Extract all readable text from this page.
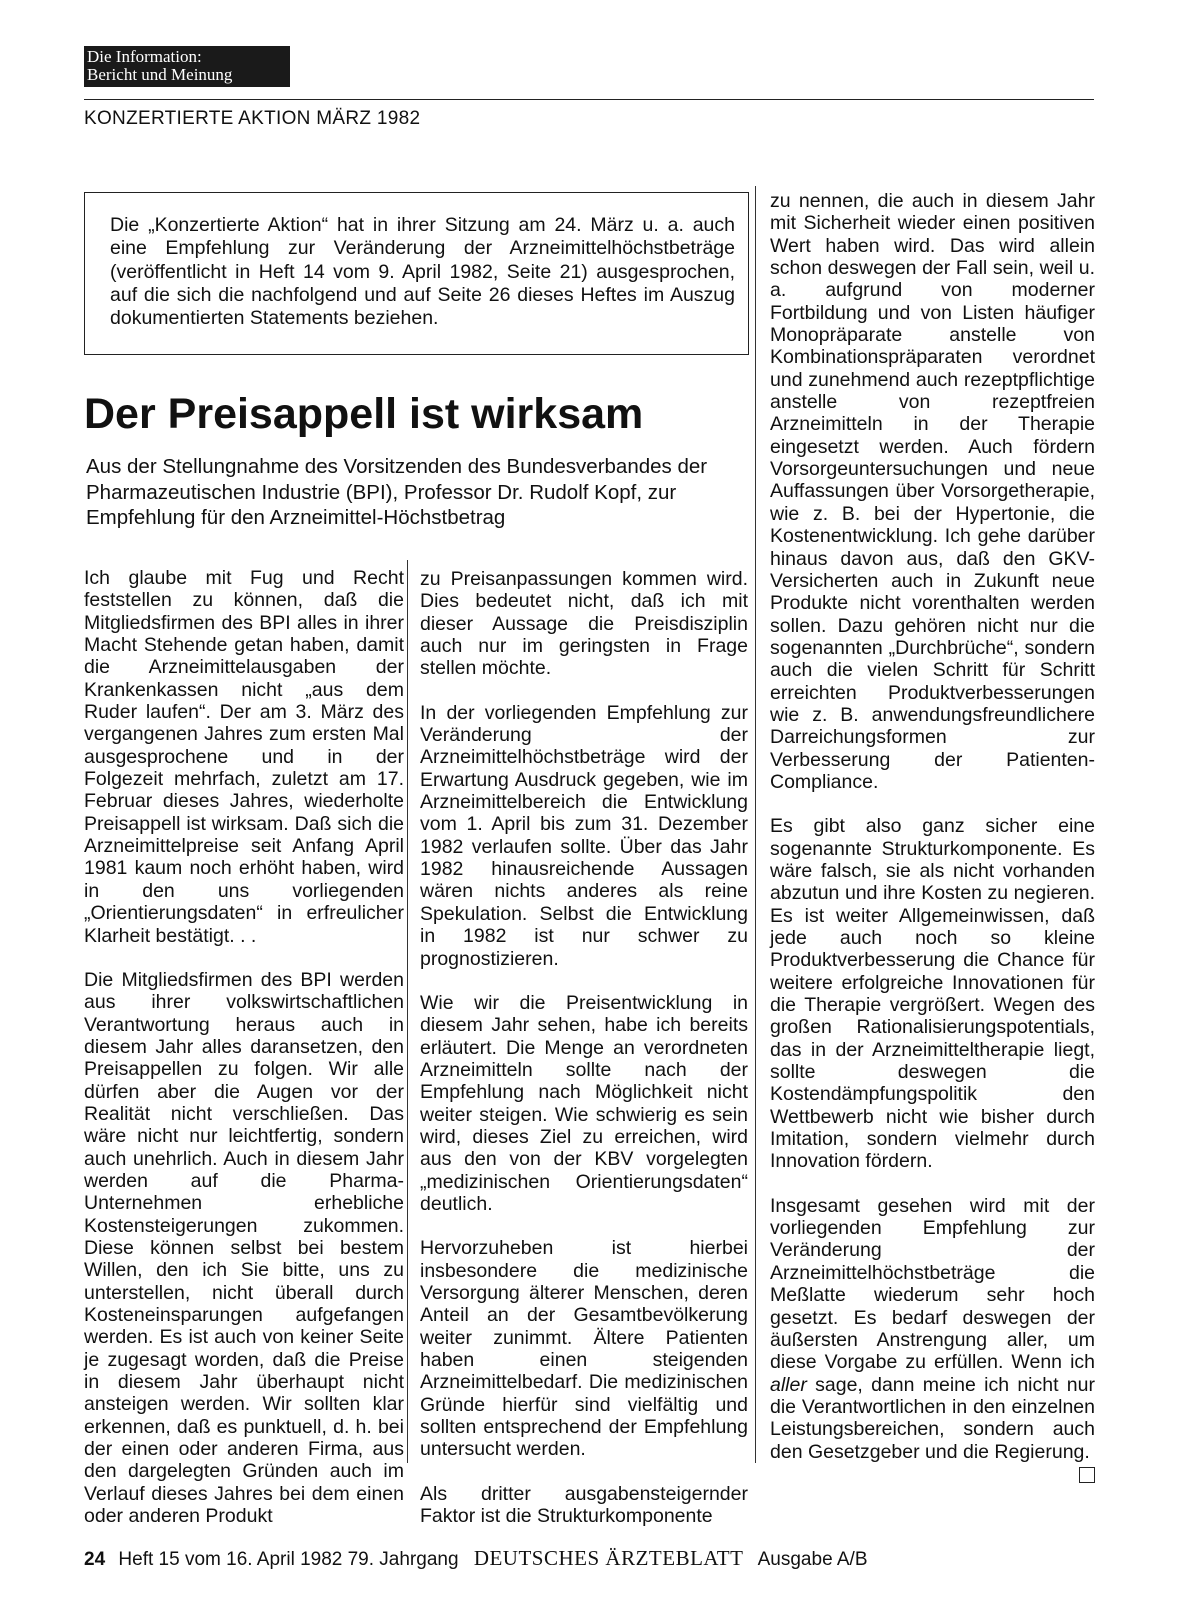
Die Information:
Bericht und Meinung
KONZERTIERTE AKTION MÄRZ 1982
Die „Konzertierte Aktion“ hat in ihrer Sitzung am 24. März u. a. auch eine Empfehlung zur Veränderung der Arzneimittelhöchstbeträge (veröffentlicht in Heft 14 vom 9. April 1982, Seite 21) ausgesprochen, auf die sich die nachfolgend und auf Seite 26 dieses Heftes im Auszug dokumentierten Statements beziehen.
Der Preisappell ist wirksam
Aus der Stellungnahme des Vorsitzenden des Bundesverbandes der Pharmazeutischen Industrie (BPI), Professor Dr. Rudolf Kopf, zur Empfehlung für den Arzneimittel-Höchstbetrag

Ich glaube mit Fug und Recht feststellen zu können, daß die Mitgliedsfirmen des BPI alles in ihrer Macht Stehende getan haben, damit die Arzneimittelausgaben der Krankenkassen nicht „aus dem Ruder laufen“. Der am 3. März des vergangenen Jahres zum ersten Mal ausgesprochene und in der Folgezeit mehrfach, zuletzt am 17. Februar dieses Jahres, wiederholte Preisappell ist wirksam. Daß sich die Arzneimittelpreise seit Anfang April 1981 kaum noch erhöht haben, wird in den uns vorliegenden „Orientierungsdaten“ in erfreulicher Klarheit bestätigt. . .

Die Mitgliedsfirmen des BPI werden aus ihrer volkswirtschaftlichen Verantwortung heraus auch in diesem Jahr alles daransetzen, den Preisappellen zu folgen. Wir alle dürfen aber die Augen vor der Realität nicht verschließen. Das wäre nicht nur leichtfertig, sondern auch unehrlich. Auch in diesem Jahr werden auf die Pharma-Unternehmen erhebliche Kostensteigerungen zukommen. Diese können selbst bei bestem Willen, den ich Sie bitte, uns zu unterstellen, nicht überall durch Kosteneinsparungen aufgefangen werden. Es ist auch von keiner Seite je zugesagt worden, daß die Preise in diesem Jahr überhaupt nicht ansteigen werden. Wir sollten klar erkennen, daß es punktuell, d. h. bei der einen oder anderen Firma, aus den dargelegten Gründen auch im Verlauf dieses Jahres bei dem einen oder anderen Produkt

zu Preisanpassungen kommen wird. Dies bedeutet nicht, daß ich mit dieser Aussage die Preisdisziplin auch nur im geringsten in Frage stellen möchte.

In der vorliegenden Empfehlung zur Veränderung der Arzneimittelhöchstbeträge wird der Erwartung Ausdruck gegeben, wie im Arzneimittelbereich die Entwicklung vom 1. April bis zum 31. Dezember 1982 verlaufen sollte. Über das Jahr 1982 hinausreichende Aussagen wären nichts anderes als reine Spekulation. Selbst die Entwicklung in 1982 ist nur schwer zu prognostizieren.

Wie wir die Preisentwicklung in diesem Jahr sehen, habe ich bereits erläutert. Die Menge an verordneten Arzneimitteln sollte nach der Empfehlung nach Möglichkeit nicht weiter steigen. Wie schwierig es sein wird, dieses Ziel zu erreichen, wird aus den von der KBV vorgelegten „medizinischen Orientierungsdaten“ deutlich.

Hervorzuheben ist hierbei insbesondere die medizinische Versorgung älterer Menschen, deren Anteil an der Gesamtbevölkerung weiter zunimmt. Ältere Patienten haben einen steigenden Arzneimittelbedarf. Die medizinischen Gründe hierfür sind vielfältig und sollten entsprechend der Empfehlung untersucht werden.

Als dritter ausgabensteigernder Faktor ist die Strukturkomponente

zu nennen, die auch in diesem Jahr mit Sicherheit wieder einen positiven Wert haben wird. Das wird allein schon deswegen der Fall sein, weil u. a. aufgrund von moderner Fortbildung und von Listen häufiger Monopräparate anstelle von Kombinationspräparaten verordnet und zunehmend auch rezeptpflichtige anstelle von rezeptfreien Arzneimitteln in der Therapie eingesetzt werden. Auch fördern Vorsorgeuntersuchungen und neue Auffassungen über Vorsorgetherapie, wie z. B. bei der Hypertonie, die Kostenentwicklung. Ich gehe darüber hinaus davon aus, daß den GKV-Versicherten auch in Zukunft neue Produkte nicht vorenthalten werden sollen. Dazu gehören nicht nur die sogenannten „Durchbrüche“, sondern auch die vielen Schritt für Schritt erreichten Produktverbesserungen wie z. B. anwendungsfreundlichere Darreichungsformen zur Verbesserung der Patienten-Compliance.

Es gibt also ganz sicher eine sogenannte Strukturkomponente. Es wäre falsch, sie als nicht vorhanden abzutun und ihre Kosten zu negieren. Es ist weiter Allgemeinwissen, daß jede auch noch so kleine Produktverbesserung die Chance für weitere erfolgreiche Innovationen für die Therapie vergrößert. Wegen des großen Rationalisierungspotentials, das in der Arzneimitteltherapie liegt, sollte deswegen die Kostendämpfungspolitik den Wettbewerb nicht wie bisher durch Imitation, sondern vielmehr durch Innovation fördern.

Insgesamt gesehen wird mit der vorliegenden Empfehlung zur Veränderung der Arzneimittelhöchstbeträge die Meßlatte wiederum sehr hoch gesetzt. Es bedarf deswegen der äußersten Anstrengung aller, um diese Vorgabe zu erfüllen. Wenn ich aller sage, dann meine ich nicht nur die Verantwortlichen in den einzelnen Leistungsbereichen, sondern auch den Gesetzgeber und die Regierung.

24 Heft 15 vom 16. April 1982 79. Jahrgang DEUTSCHES ÄRZTEBLATT Ausgabe A/B
